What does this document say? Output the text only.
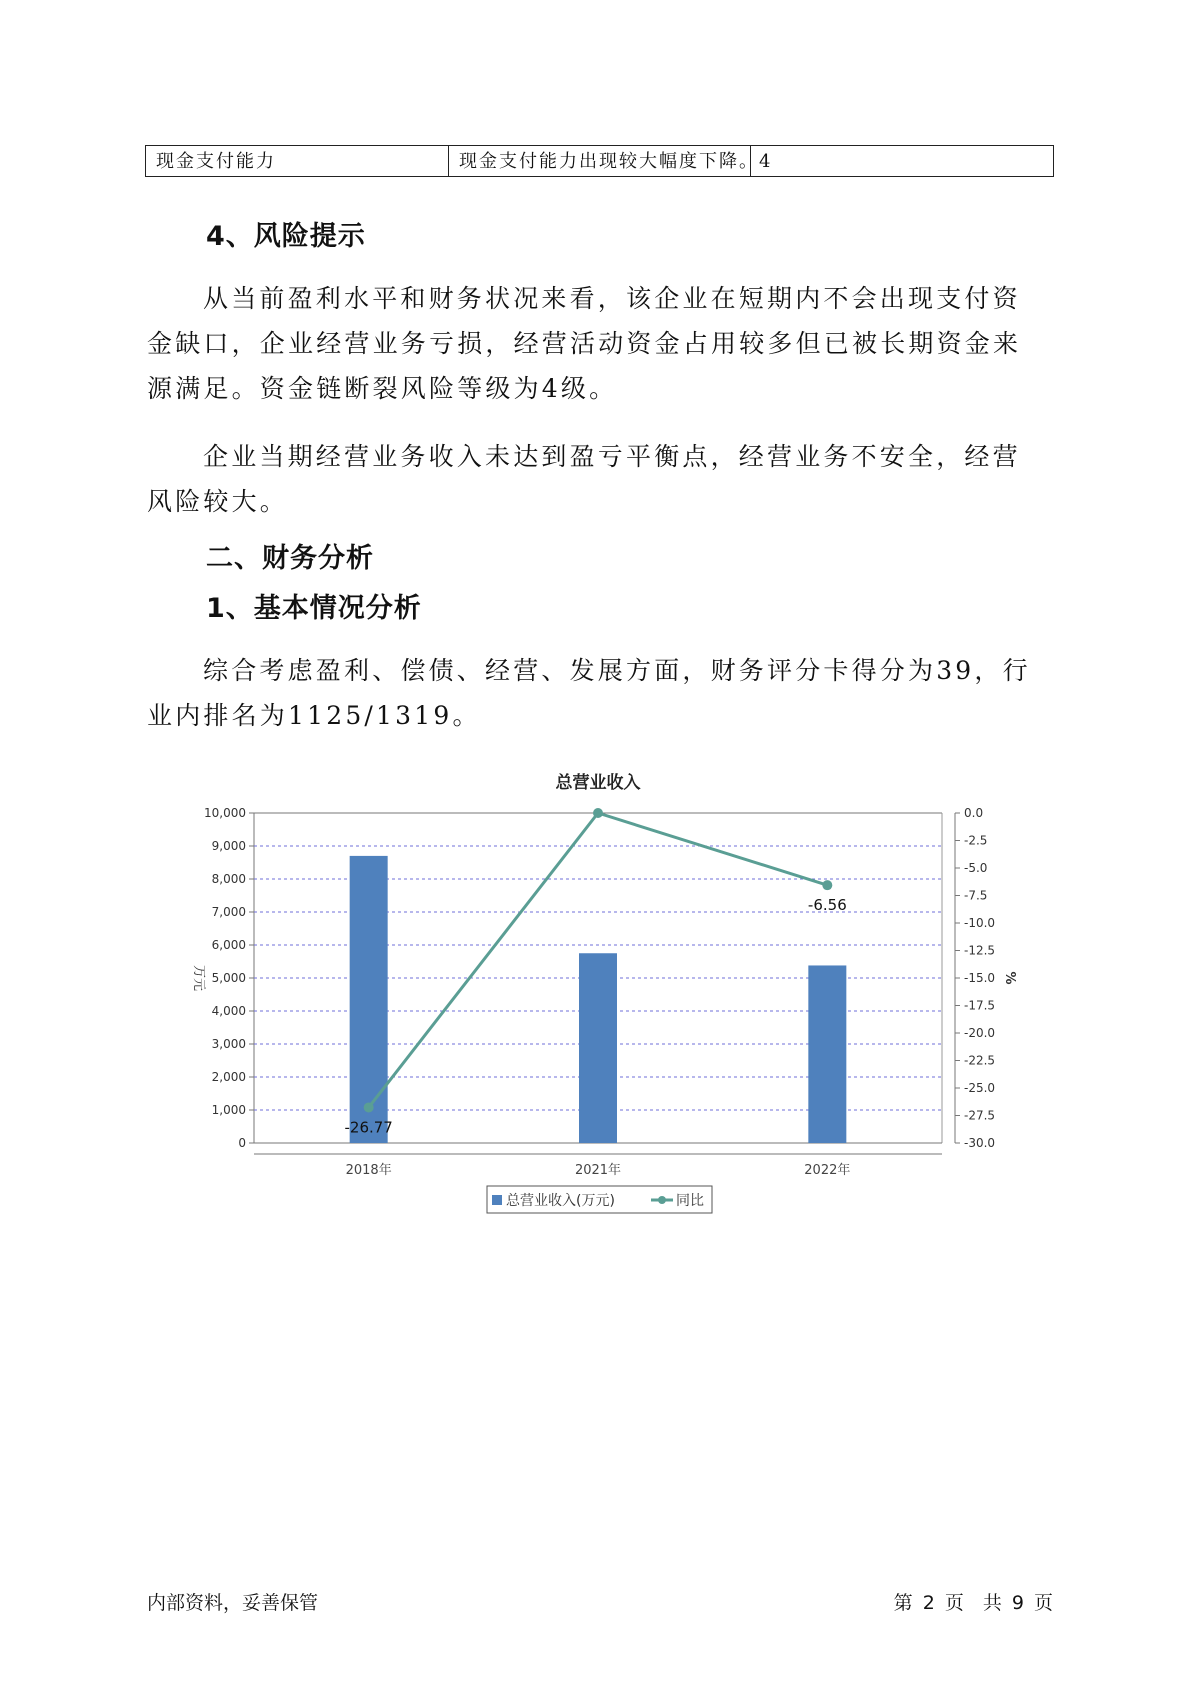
现金支付能力	现金支付能力出现较大幅度下降。 4
4、风险提示

从当前盈利水平和财务状况来看，该企业在短期内不会出现支付资金缺口，企业经营业务亏损，经营活动资金占用较多但已被长期资金来源满足。资金链断裂风险等级为4级。

企业当期经营业务收入未达到盈亏平衡点，经营业务不安全，经营风险较大。

二、财务分析
1、基本情况分析

综合考虑盈利、偿债、经营、发展方面，财务评分卡得分为39，行业内排名为1125/1319。

总营业收入
0
1,000
2,000
3,000
4,000
5,000
6,000
7,000
8,000
9,000
10,000	0.0
-2.5
-5.0
-7.5
-10.0
-12.5
-15.0
-17.5
-20.0
-22.5
-25.0
-27.5
-30.0
万元	%
2018年	2021年	2022年
-26.77
-6.56
总营业收入(万元)	同比
内部资料，妥善保管	第 2 页　共 9 页
